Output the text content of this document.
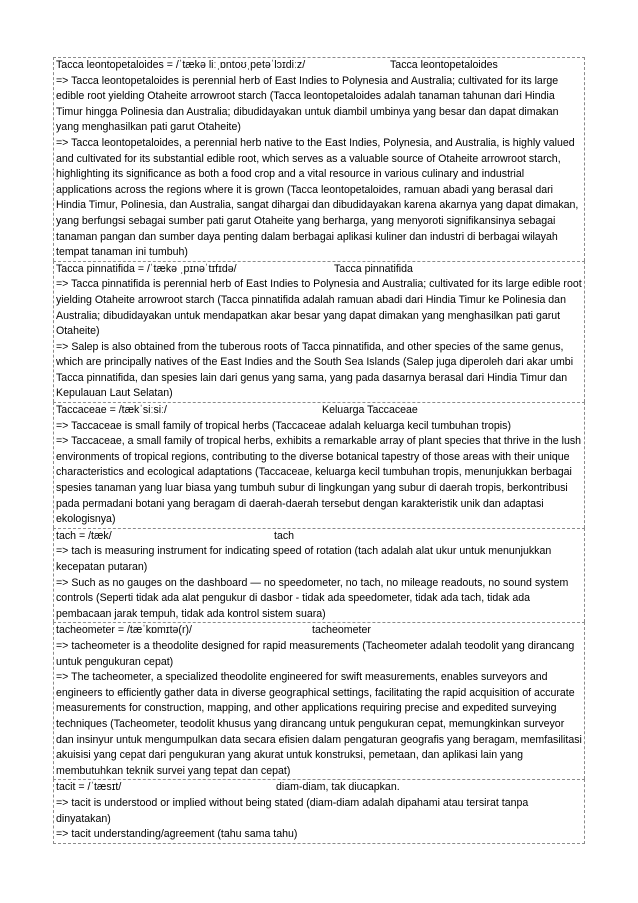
Tacca leontopetaloides = /ˈtækə liːˌɒntoʊˌpetəˈlɔɪdiːz/	Tacca leontopetaloides

=> Tacca leontopetaloides is perennial herb of East Indies to Polynesia and Australia; cultivated for its large edible root yielding Otaheite arrowroot starch (Tacca leontopetaloides adalah tanaman tahunan dari Hindia Timur hingga Polinesia dan Australia; dibudidayakan untuk diambil umbinya yang besar dan dapat dimakan yang menghasilkan pati garut Otaheite)

=> Tacca leontopetaloides, a perennial herb native to the East Indies, Polynesia, and Australia, is highly valued and cultivated for its substantial edible root, which serves as a valuable source of Otaheite arrowroot starch, highlighting its significance as both a food crop and a vital resource in various culinary and industrial applications across the regions where it is grown (Tacca leontopetaloides, ramuan abadi yang berasal dari Hindia Timur, Polinesia, dan Australia, sangat dihargai dan dibudidayakan karena akarnya yang dapat dimakan, yang berfungsi sebagai sumber pati garut Otaheite yang berharga, yang menyoroti signifikansinya sebagai tanaman pangan dan sumber daya penting dalam berbagai aplikasi kuliner dan industri di berbagai wilayah tempat tanaman ini tumbuh)

Tacca pinnatifida = /ˈtækə ˌpɪnəˈtɪfɪdə/	Tacca pinnatifida

=> Tacca pinnatifida is perennial herb of East Indies to Polynesia and Australia; cultivated for its large edible root yielding Otaheite arrowroot starch (Tacca pinnatifida adalah ramuan abadi dari Hindia Timur ke Polinesia dan Australia; dibudidayakan untuk mendapatkan akar besar yang dapat dimakan yang menghasilkan pati garut Otaheite)

=> Salep is also obtained from the tuberous roots of Tacca pinnatifida, and other species of the same genus, which are principally natives of the East Indies and the South Sea Islands (Salep juga diperoleh dari akar umbi Tacca pinnatifida, dan spesies lain dari genus yang sama, yang pada dasarnya berasal dari Hindia Timur dan Kepulauan Laut Selatan)

Taccaceae = /tækˈsiːsiː/	Keluarga Taccaceae

=> Taccaceae is small family of tropical herbs (Taccaceae adalah keluarga kecil tumbuhan tropis)

=> Taccaceae, a small family of tropical herbs, exhibits a remarkable array of plant species that thrive in the lush environments of tropical regions, contributing to the diverse botanical tapestry of those areas with their unique characteristics and ecological adaptations (Taccaceae, keluarga kecil tumbuhan tropis, menunjukkan berbagai spesies tanaman yang luar biasa yang tumbuh subur di lingkungan yang subur di daerah tropis, berkontribusi pada permadani botani yang beragam di daerah-daerah tersebut dengan karakteristik unik dan adaptasi ekologisnya)

tach = /tæk/	tach

=> tach is measuring instrument for indicating speed of rotation (tach adalah alat ukur untuk menunjukkan kecepatan putaran)

=> Such as no gauges on the dashboard — no speedometer, no tach, no mileage readouts, no sound system controls (Seperti tidak ada alat pengukur di dasbor - tidak ada speedometer, tidak ada tach, tidak ada pembacaan jarak tempuh, tidak ada kontrol sistem suara)

tacheometer = /tæˈkɒmɪtə(r)/	tacheometer

=> tacheometer is a theodolite designed for rapid measurements (Tacheometer adalah teodolit yang dirancang untuk pengukuran cepat)

=> The tacheometer, a specialized theodolite engineered for swift measurements, enables surveyors and engineers to efficiently gather data in diverse geographical settings, facilitating the rapid acquisition of accurate measurements for construction, mapping, and other applications requiring precise and expedited surveying techniques (Tacheometer, teodolit khusus yang dirancang untuk pengukuran cepat, memungkinkan surveyor dan insinyur untuk mengumpulkan data secara efisien dalam pengaturan geografis yang beragam, memfasilitasi akuisisi yang cepat dari pengukuran yang akurat untuk konstruksi, pemetaan, dan aplikasi lain yang membutuhkan teknik survei yang tepat dan cepat)

tacit = /ˈtæsɪt/	diam-diam, tak diucapkan.

=> tacit is understood or implied without being stated (diam-diam adalah dipahami atau tersirat tanpa dinyatakan)

=> tacit understanding/agreement (tahu sama tahu)
